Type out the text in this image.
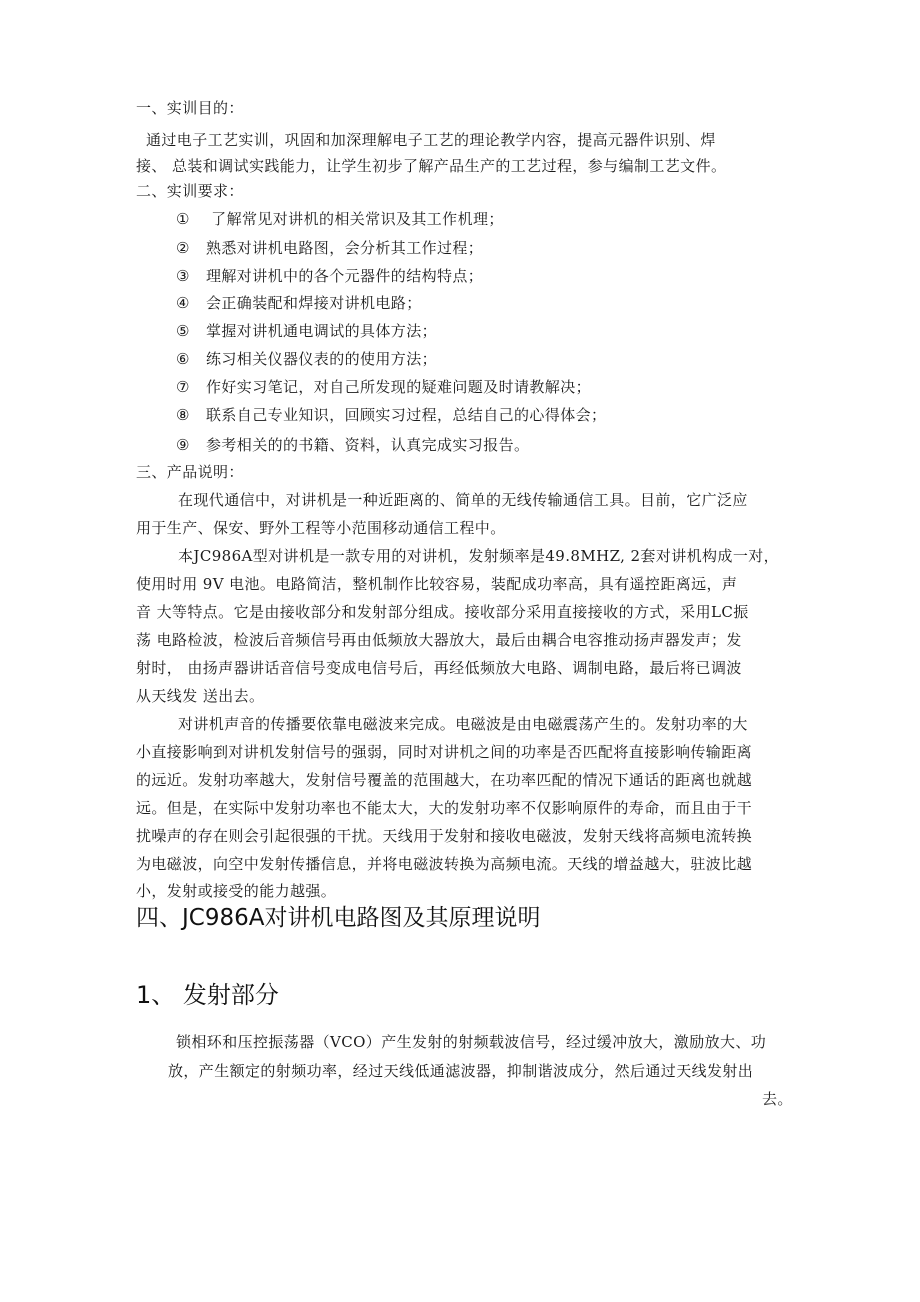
一、实训目的：
通过电子工艺实训，巩固和加深理解电子工艺的理论教学内容，提高元器件识别、焊
接、 总装和调试实践能力，让学生初步了解产品生产的工艺过程，参与编制工艺文件。
二、实训要求：
① 了解常见对讲机的相关常识及其工作机理；
② 熟悉对讲机电路图，会分析其工作过程；
③ 理解对讲机中的各个元器件的结构特点；
④ 会正确装配和焊接对讲机电路；
⑤ 掌握对讲机通电调试的具体方法；
⑥ 练习相关仪器仪表的的使用方法；
⑦ 作好实习笔记，对自己所发现的疑难问题及时请教解决；
⑧ 联系自己专业知识，回顾实习过程，总结自己的心得体会；
⑨ 参考相关的的书籍、资料，认真完成实习报告。
三、产品说明：
在现代通信中，对讲机是一种近距离的、简单的无线传输通信工具。目前，它广泛应
用于生产、保安、野外工程等小范围移动通信工程中。
本JC986A型对讲机是一款专用的对讲机，发射频率是49.8MHZ, 2套对讲机构成一对，
使用时用 9V 电池。电路简洁，整机制作比较容易，装配成功率高，具有遥控距离远，声
音 大等特点。它是由接收部分和发射部分组成。接收部分采用直接接收的方式，采用LC振
荡 电路检波，检波后音频信号再由低频放大器放大，最后由耦合电容推动扬声器发声；发
射时， 由扬声器讲话音信号变成电信号后，再经低频放大电路、调制电路，最后将已调波
从天线发 送出去。
对讲机声音的传播要依靠电磁波来完成。电磁波是由电磁震荡产生的。发射功率的大
小直接影响到对讲机发射信号的强弱，同时对讲机之间的功率是否匹配将直接影响传输距离
的远近。发射功率越大，发射信号覆盖的范围越大，在功率匹配的情况下通话的距离也就越
远。但是，在实际中发射功率也不能太大，大的发射功率不仅影响原件的寿命，而且由于干
扰噪声的存在则会引起很强的干扰。天线用于发射和接收电磁波，发射天线将高频电流转换
为电磁波，向空中发射传播信息，并将电磁波转换为高频电流。天线的增益越大，驻波比越
小，发射或接受的能力越强。
四、JC986A对讲机电路图及其原理说明
1、 发射部分
锁相环和压控振荡器（VCO）产生发射的射频载波信号，经过缓冲放大，激励放大、功
放，产生额定的射频功率，经过天线低通滤波器，抑制谐波成分，然后通过天线发射出
去。
